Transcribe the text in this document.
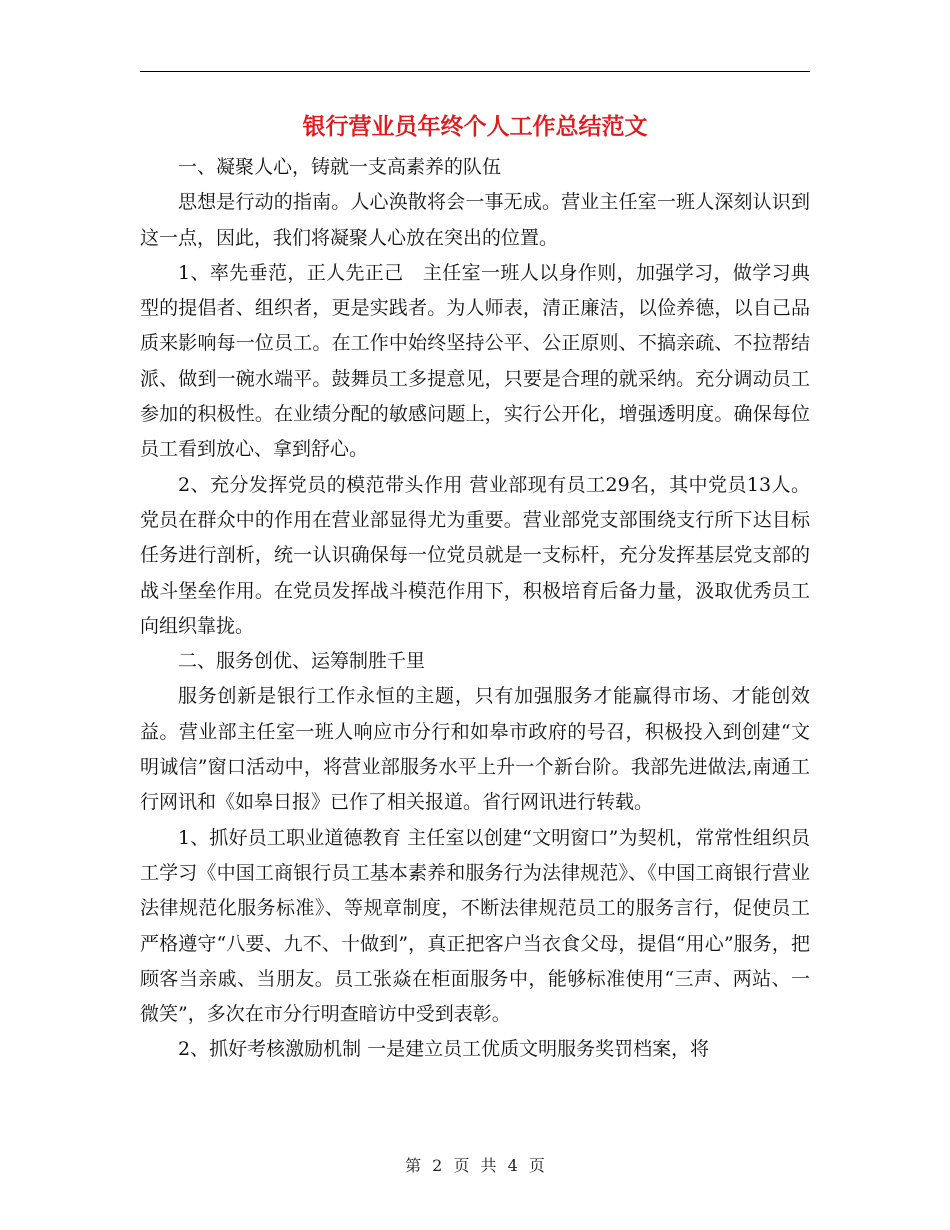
银行营业员年终个人工作总结范文

一、凝聚人心，铸就一支高素养的队伍

思想是行动的指南。人心涣散将会一事无成。营业主任室一班人深刻认识到这一点，因此，我们将凝聚人心放在突出的位置。

1、率先垂范，正人先正己　主任室一班人以身作则，加强学习，做学习典型的提倡者、组织者，更是实践者。为人师表，清正廉洁，以俭养德，以自己品质来影响每一位员工。在工作中始终坚持公平、公正原则、不搞亲疏、不拉帮结派、做到一碗水端平。鼓舞员工多提意见，只要是合理的就采纳。充分调动员工参加的积极性。在业绩分配的敏感问题上，实行公开化，增强透明度。确保每位员工看到放心、拿到舒心。

2、充分发挥党员的模范带头作用 营业部现有员工29名，其中党员13人。党员在群众中的作用在营业部显得尤为重要。营业部党支部围绕支行所下达目标任务进行剖析，统一认识确保每一位党员就是一支标杆，充分发挥基层党支部的战斗堡垒作用。在党员发挥战斗模范作用下，积极培育后备力量，汲取优秀员工向组织靠拢。

二、服务创优、运筹制胜千里

服务创新是银行工作永恒的主题，只有加强服务才能赢得市场、才能创效益。营业部主任室一班人响应市分行和如皋市政府的号召，积极投入到创建“文明诚信”窗口活动中，将营业部服务水平上升一个新台阶。我部先进做法,南通工行网讯和《如皋日报》已作了相关报道。省行网讯进行转载。

1、抓好员工职业道德教育 主任室以创建“文明窗口”为契机，常常性组织员工学习《中国工商银行员工基本素养和服务行为法律规范》、《中国工商银行营业法律规范化服务标准》、等规章制度，不断法律规范员工的服务言行，促使员工严格遵守“八要、九不、十做到”，真正把客户当衣食父母，提倡“用心”服务，把顾客当亲戚、当朋友。员工张焱在柜面服务中，能够标准使用“三声、两站、一微笑”，多次在市分行明查暗访中受到表彰。

2、抓好考核激励机制 一是建立员工优质文明服务奖罚档案，将

第 2 页 共 4 页
